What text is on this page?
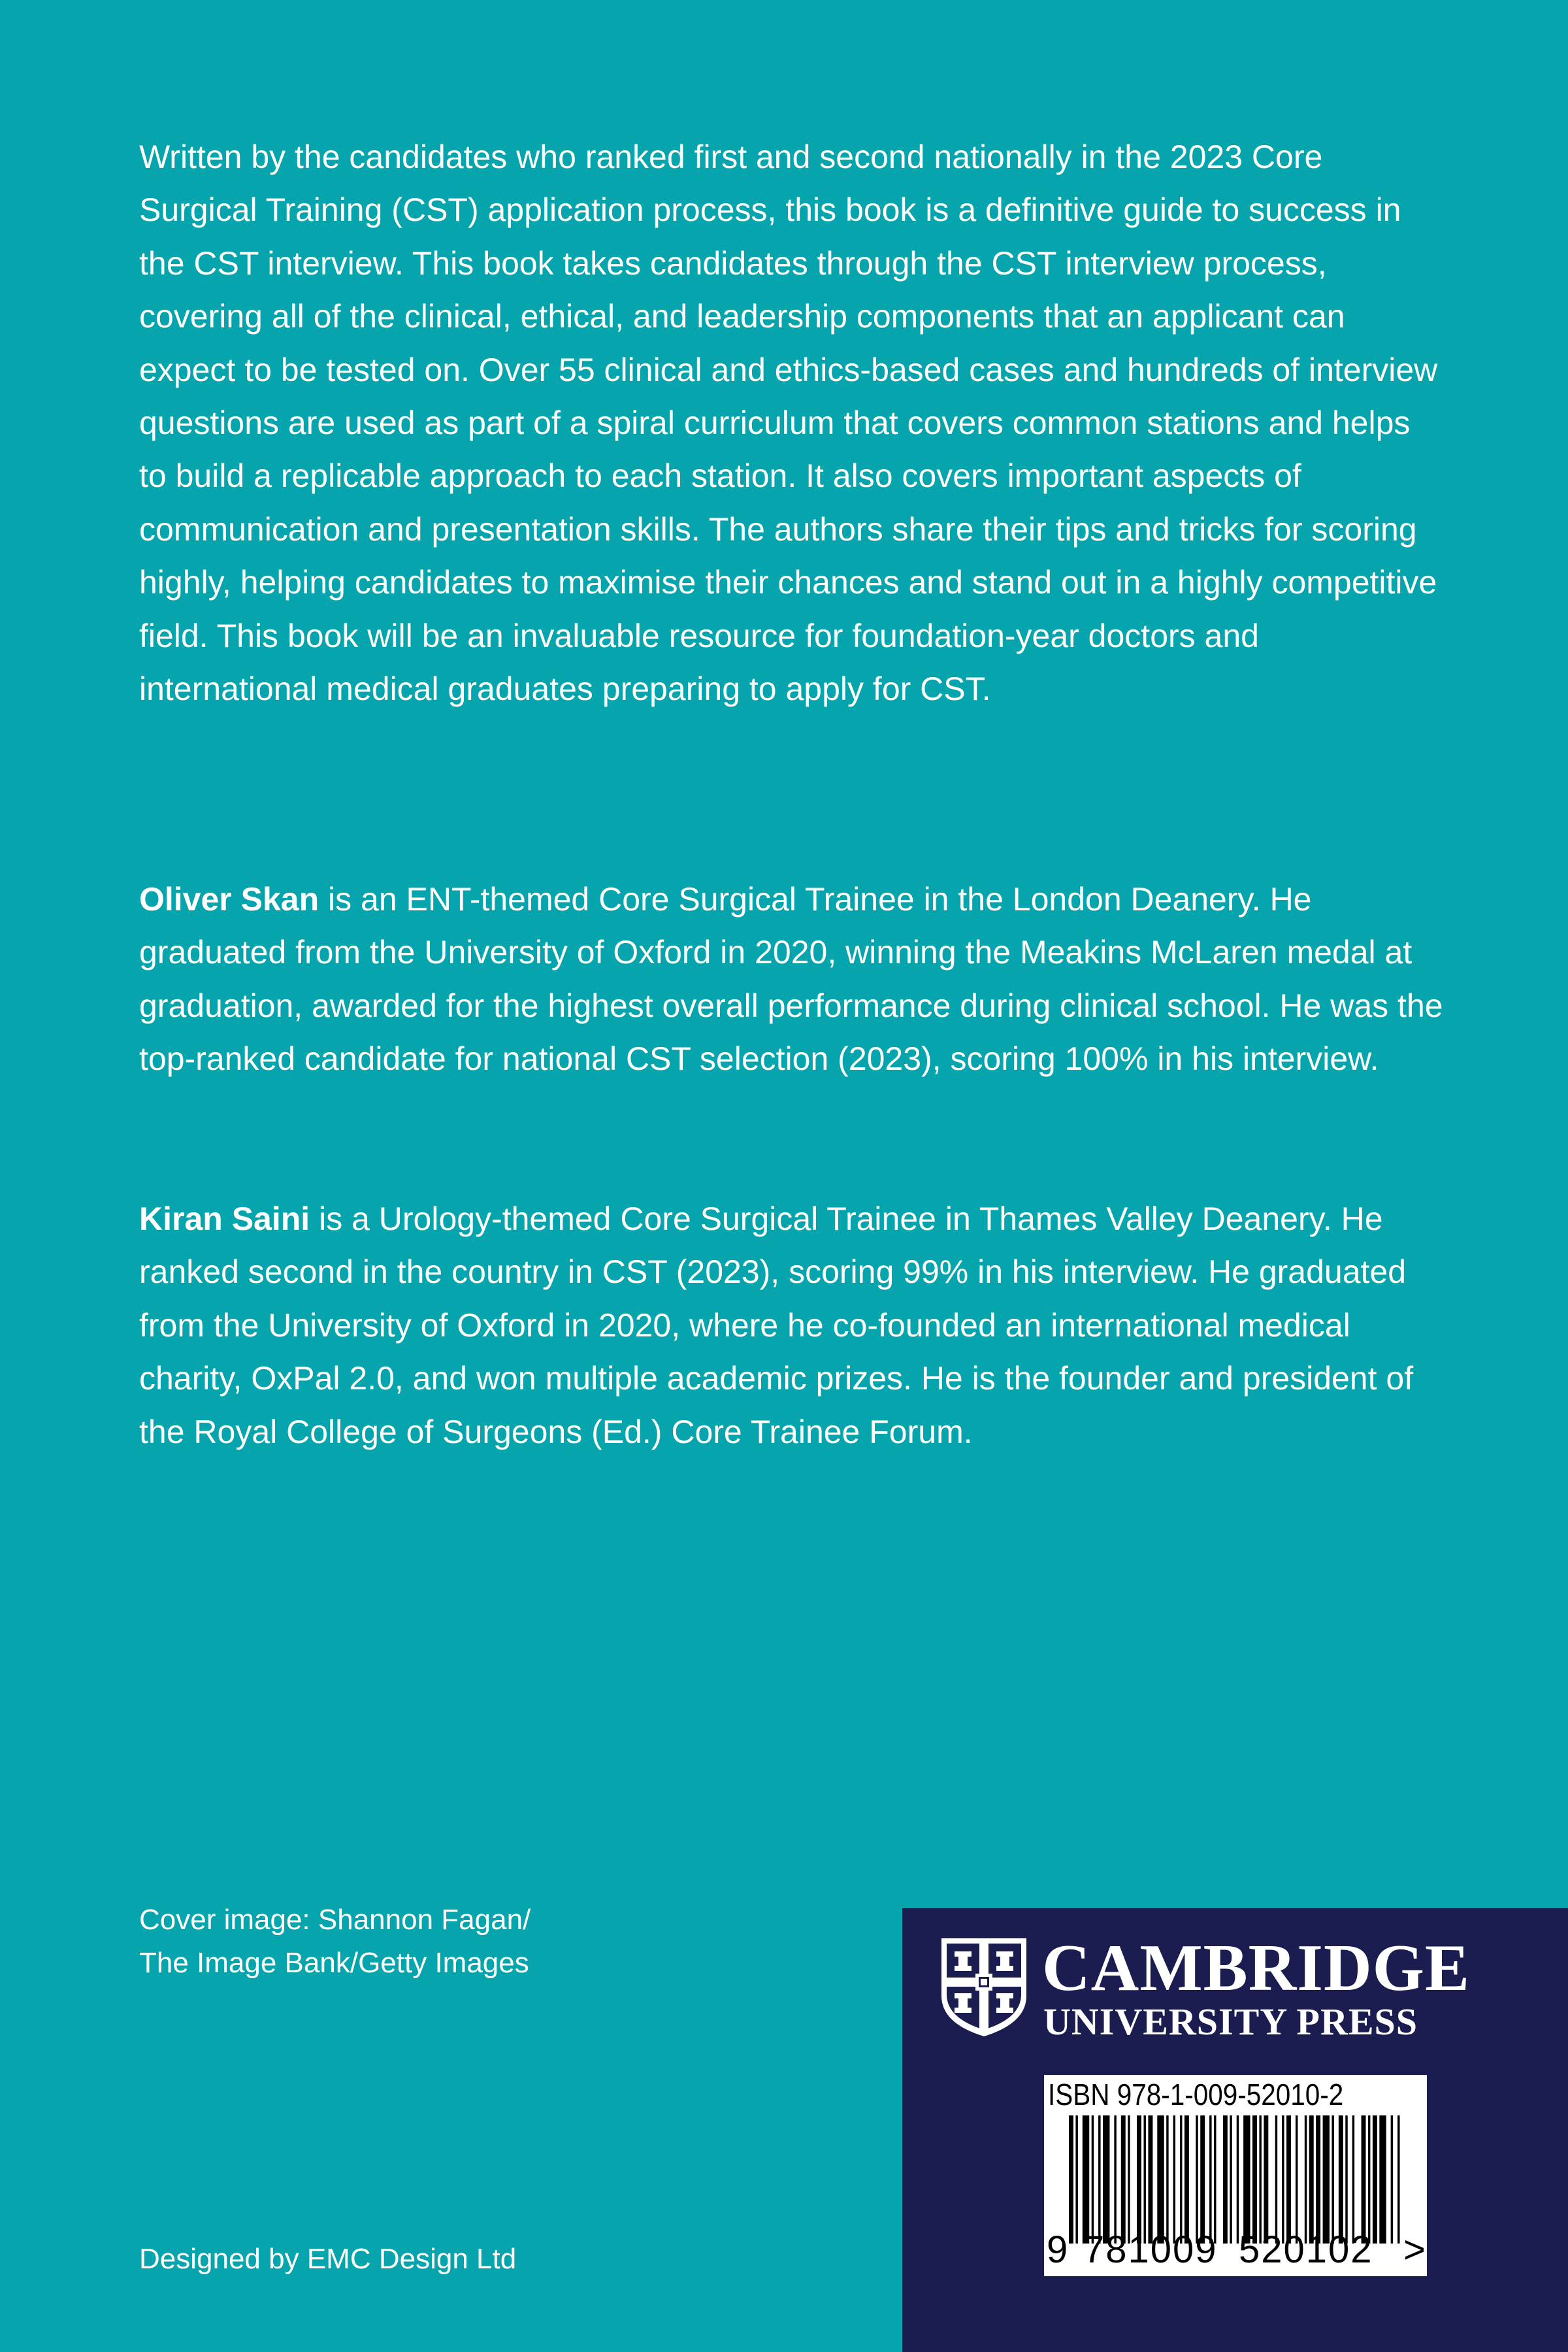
Written by the candidates who ranked first and second nationally in the 2023 Core Surgical Training (CST) application process, this book is a definitive guide to success in the CST interview. This book takes candidates through the CST interview process, covering all of the clinical, ethical, and leadership components that an applicant can expect to be tested on. Over 55 clinical and ethics-based cases and hundreds of interview questions are used as part of a spiral curriculum that covers common stations and helps to build a replicable approach to each station. It also covers important aspects of communication and presentation skills. The authors share their tips and tricks for scoring highly, helping candidates to maximise their chances and stand out in a highly competitive field. This book will be an invaluable resource for foundation-year doctors and international medical graduates preparing to apply for CST.

Oliver Skan is an ENT-themed Core Surgical Trainee in the London Deanery. He graduated from the University of Oxford in 2020, winning the Meakins McLaren medal at graduation, awarded for the highest overall performance during clinical school. He was the top-ranked candidate for national CST selection (2023), scoring 100% in his interview.

Kiran Saini is a Urology-themed Core Surgical Trainee in Thames Valley Deanery. He ranked second in the country in CST (2023), scoring 99% in his interview. He graduated from the University of Oxford in 2020, where he co-founded an international medical charity, OxPal 2.0, and won multiple academic prizes. He is the founder and president of the Royal College of Surgeons (Ed.) Core Trainee Forum.

Cover image: Shannon Fagan/
The Image Bank/Getty Images
Designed by EMC Design Ltd
CAMBRIDGE
UNIVERSITY PRESS
ISBN 978-1-009-52010-2
9 781009 520102 >
